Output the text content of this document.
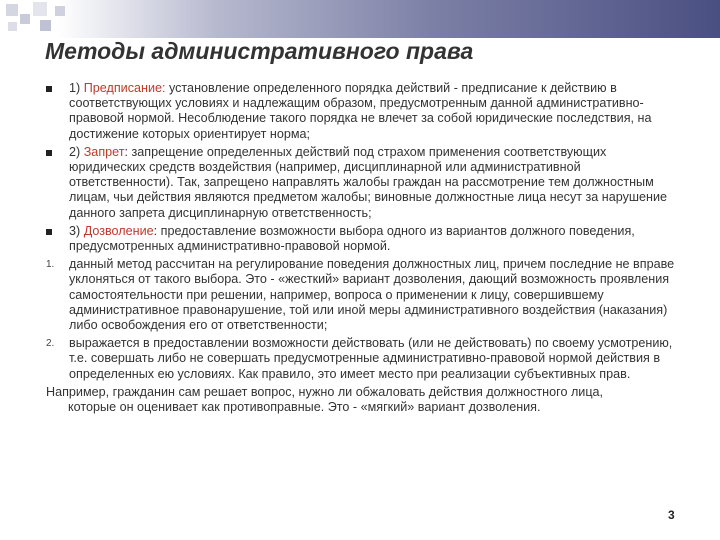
Методы административного права
1) Предписание: установление определенного порядка действий - предписание к действию в соответствующих условиях и надлежащим образом, предусмотренным данной административно-правовой нормой. Несоблюдение такого порядка не влечет за собой юридические последствия, на достижение которых ориентирует норма;
2) Запрет: запрещение определенных действий под страхом применения соответствующих юридических средств воздействия (например, дисциплинарной или административной ответственности). Так, запрещено направлять жалобы граждан на рассмотрение тем должностным лицам, чьи действия являются предметом жалобы; виновные должностные лица несут за нарушение данного запрета дисциплинарную ответственность;
3) Дозволение: предоставление возможности выбора одного из вариантов должного поведения, предусмотренных административно-правовой нормой.
1.	данный метод рассчитан на регулирование поведения должностных лиц, причем последние не вправе уклоняться от такого выбора. Это - «жесткий» вариант дозволения, дающий возможность проявления самостоятельности при решении, например, вопроса о применении к лицу, совершившему административное правонарушение, той или иной меры административного воздействия (наказания) либо освобождения его от ответственности;
2.	выражается в предоставлении возможности действовать (или не действовать) по своему усмотрению, т.е. совершать либо не совершать предусмотренные административно-правовой нормой действия в определенных ею условиях. Как правило, это имеет место при реализации субъективных прав.
Например, гражданин сам решает вопрос, нужно ли обжаловать действия должностного лица,
которые он оценивает как противоправные. Это - «мягкий» вариант дозволения.
3
